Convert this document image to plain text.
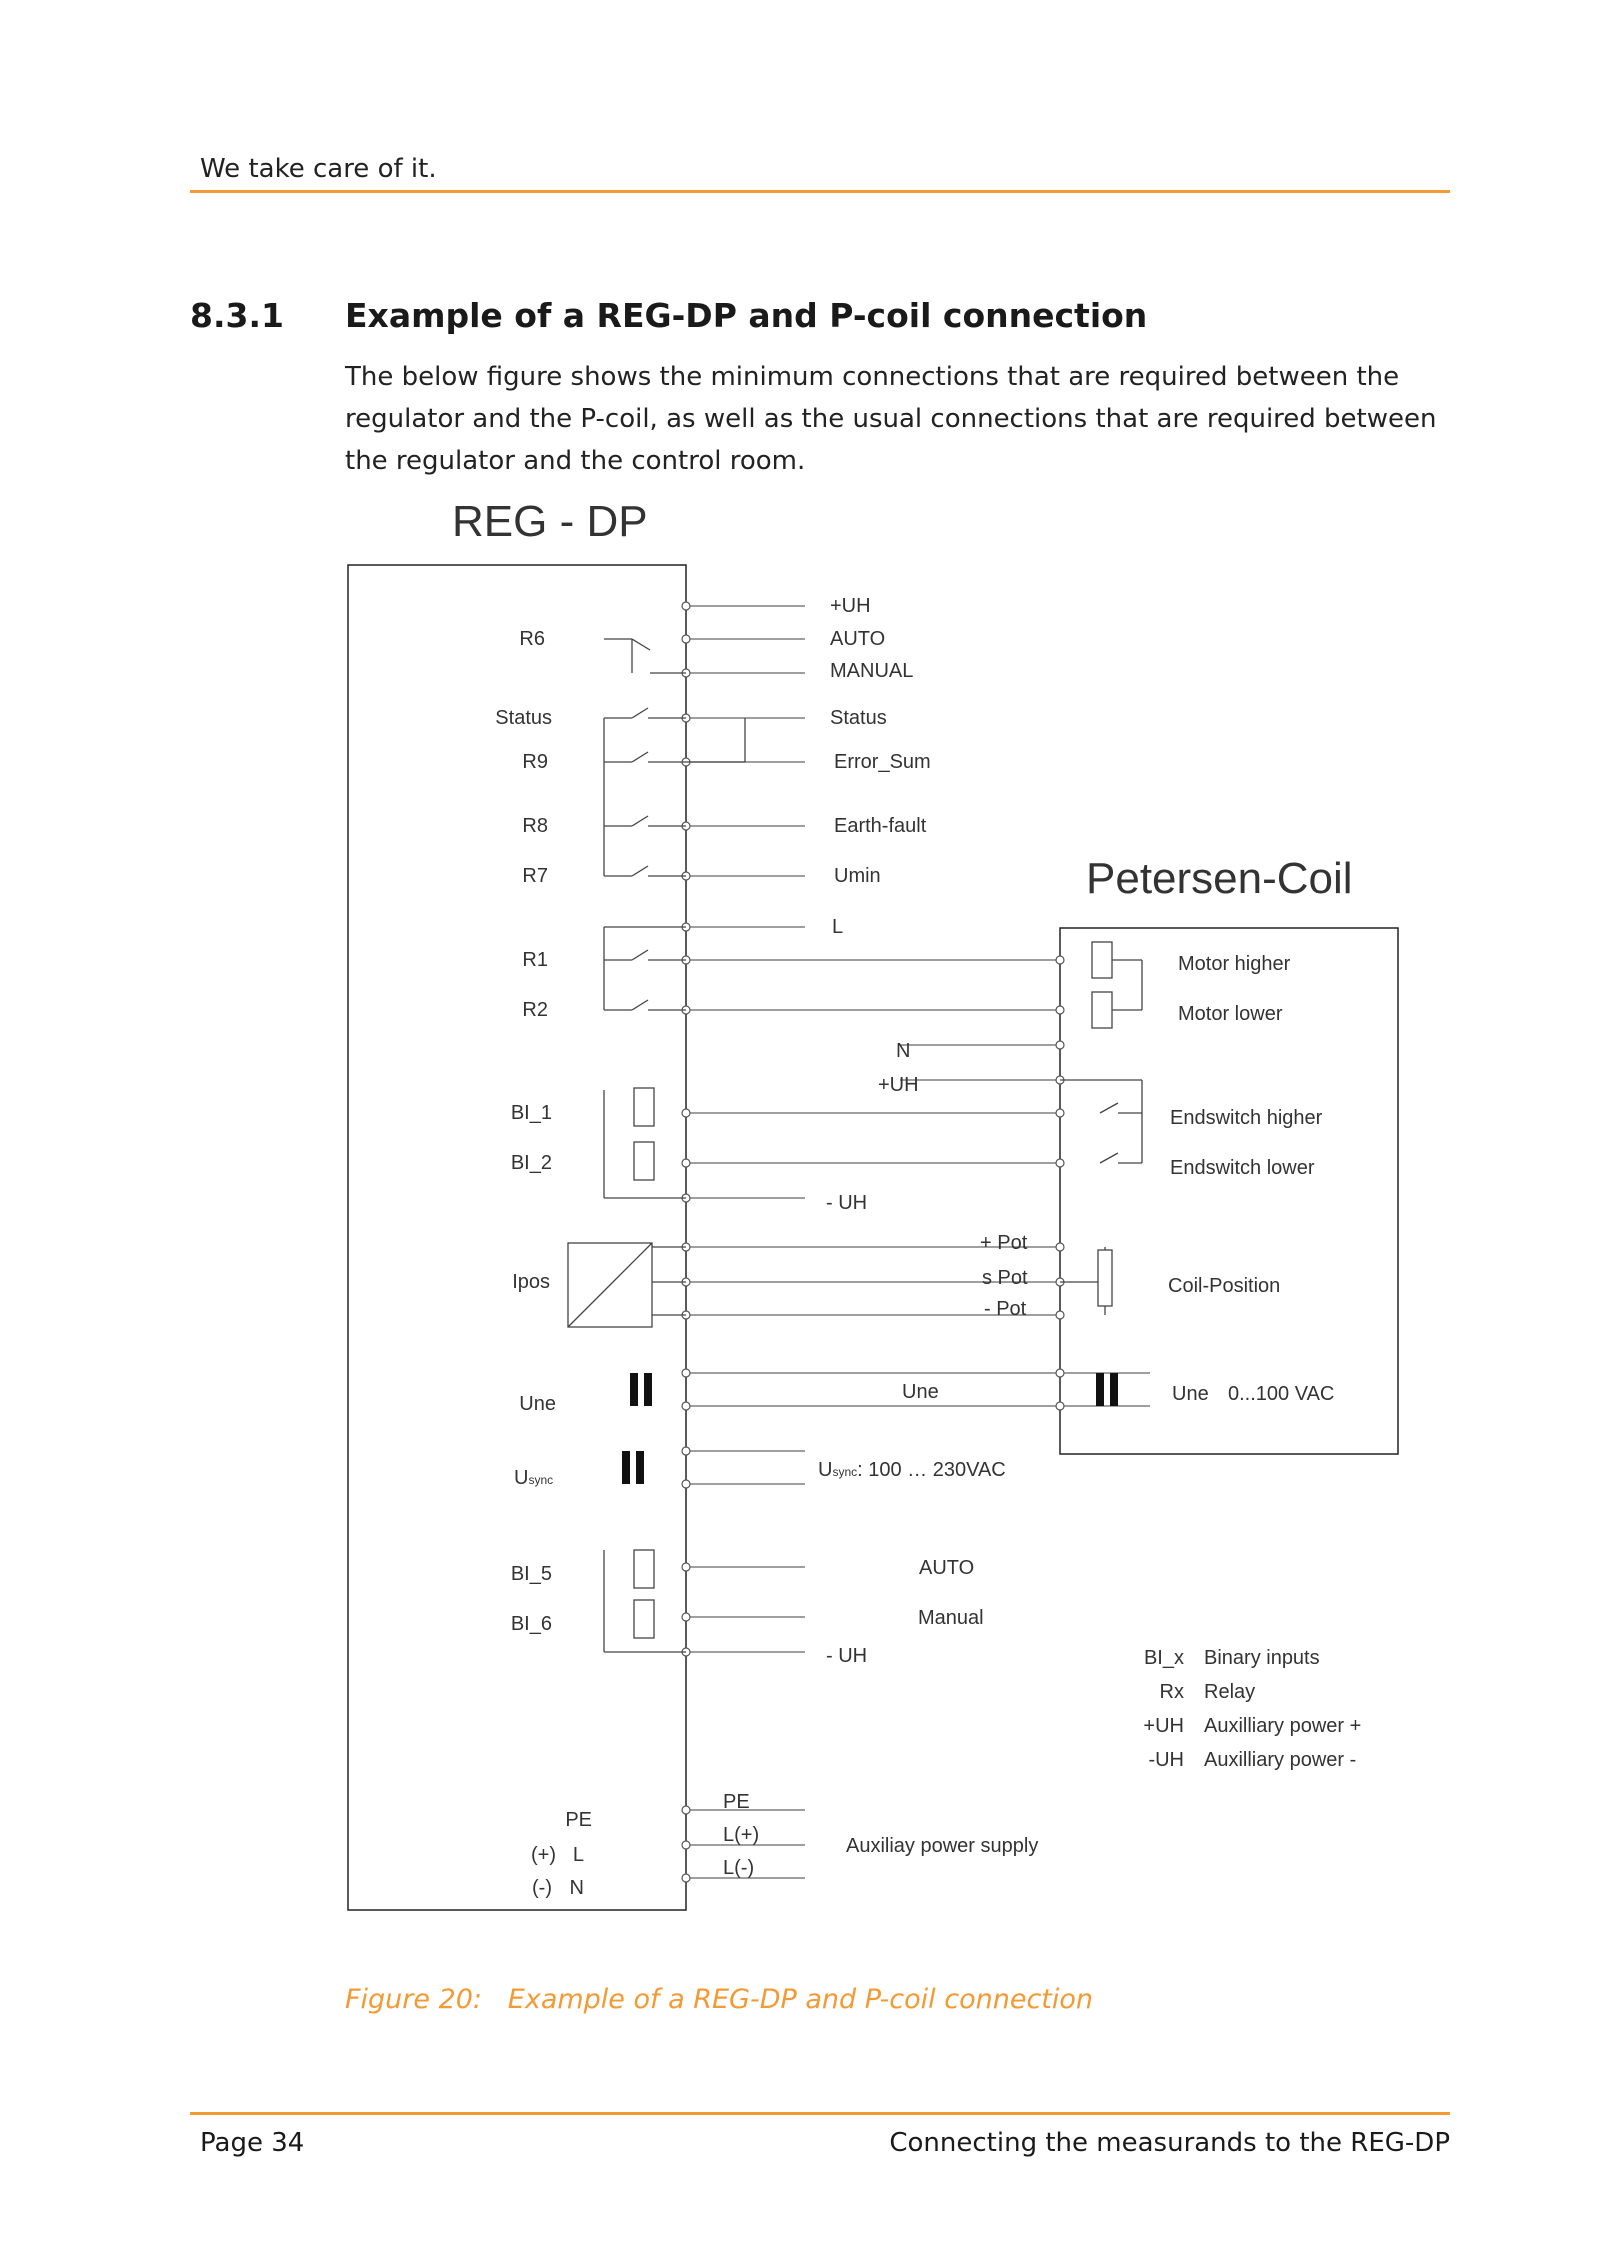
We take care of it.
8.3.1 Example of a REG-DP and P-coil connection
The below figure shows the minimum connections that are required between the regulator and the P-coil, as well as the usual connections that are required between the regulator and the control room.
REG - DP
Petersen-Coil
R6
Status
R9
R8
R7
R1
R2
BI_1
BI_2
Ipos
Une
BI_5
BI_6
PE
(+) L
(-) N
Usync
+UH
AUTO
MANUAL
Status
Error_Sum
Earth-fault
Umin
L
N
+UH
- UH
+ Pot
s Pot
- Pot
Une
AUTO
Manual
- UH
PE
L(+)
L(-)
Auxiliay power supply
Usync: 100 … 230VAC
Motor higher
Motor lower
Endswitch higher
Endswitch lower
Coil-Position
Une 0...100 VAC
BI_x Binary inputs
Rx Relay
+UH Auxilliary power +
-UH Auxilliary power -
Figure 20: Example of a REG-DP and P-coil connection
Page 34	Connecting the measurands to the REG-DP
